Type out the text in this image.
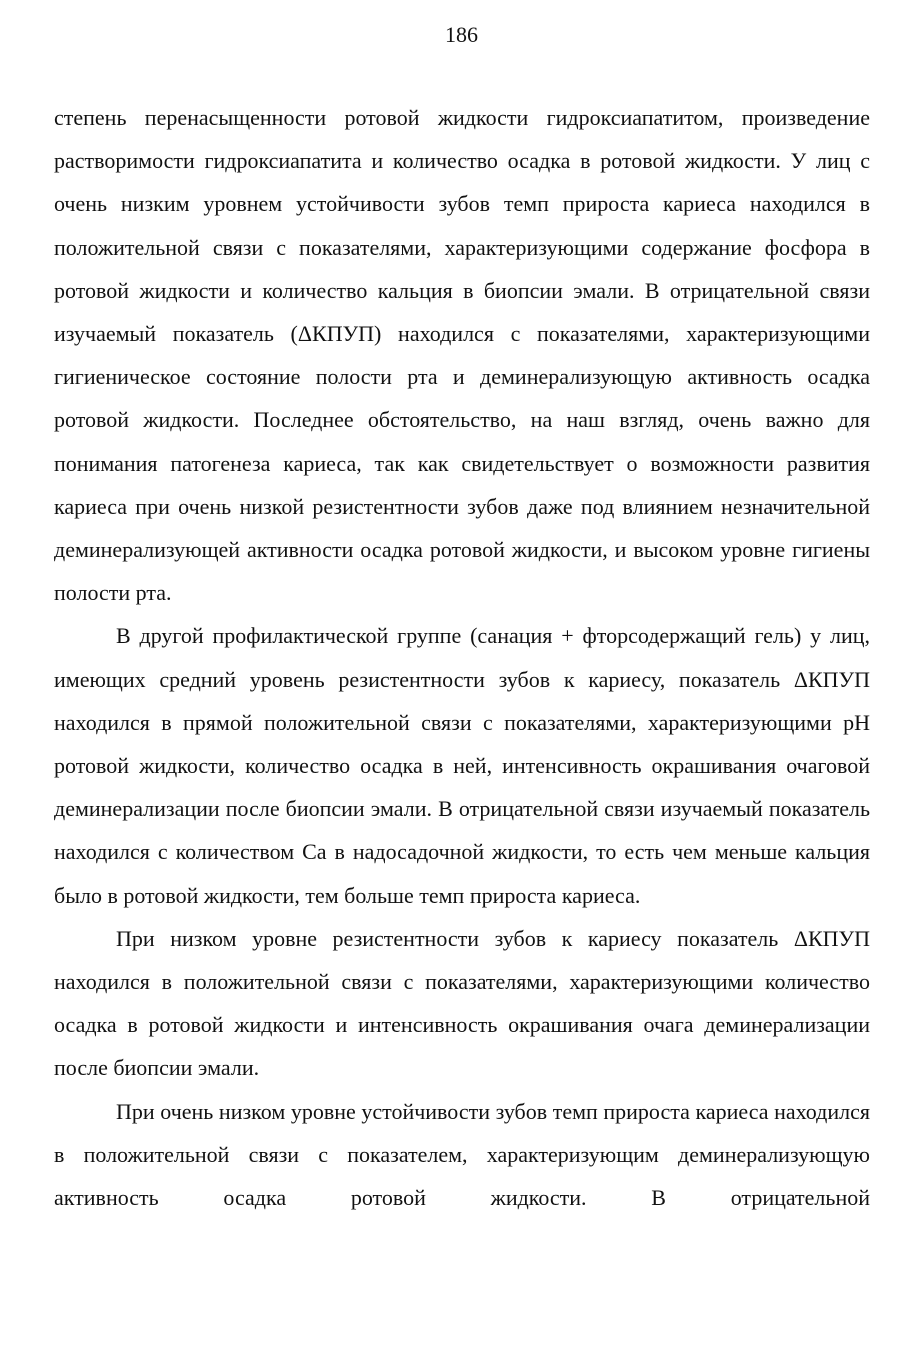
186

степень перенасыщенности ротовой жидкости гидроксиапатитом, произведение растворимости гидроксиапатита и количество осадка в ротовой жидкости. У лиц с очень низким уровнем устойчивости зубов темп прироста кариеса находился в положительной связи с показателями, характеризующими содержание фосфора в ротовой жидкости и количество кальция в биопсии эмали. В отрицательной связи изучаемый показатель (ΔКПУП) находился с показателями, характеризующими гигиеническое состояние полости рта и деминерализующую активность осадка ротовой жидкости. Последнее обстоятельство, на наш взгляд, очень важно для понимания патогенеза кариеса, так как свидетельствует о возможности развития кариеса при очень низкой резистентности зубов даже под влиянием незначительной деминерализующей активности осадка ротовой жидкости, и высоком уровне гигиены полости рта.

В другой профилактической группе (санация + фторсодержащий гель) у лиц, имеющих средний уровень резистентности зубов к кариесу, показатель ΔКПУП находился в прямой положительной связи с показателями, характеризующими pH ротовой жидкости, количество осадка в ней, интенсивность окрашивания очаговой деминерализации после биопсии эмали. В отрицательной связи изучаемый показатель находился с количеством Ca в надосадочной жидкости, то есть чем меньше кальция было в ротовой жидкости, тем больше темп прироста кариеса.

При низком уровне резистентности зубов к кариесу показатель ΔКПУП находился в положительной связи с показателями, характеризующими количество осадка в ротовой жидкости и интенсивность окрашивания очага деминерализации после биопсии эмали.

При очень низком уровне устойчивости зубов темп прироста кариеса находился в положительной связи с показателем, характеризующим деминерализующую активность осадка ротовой жидкости. В отрицательной
